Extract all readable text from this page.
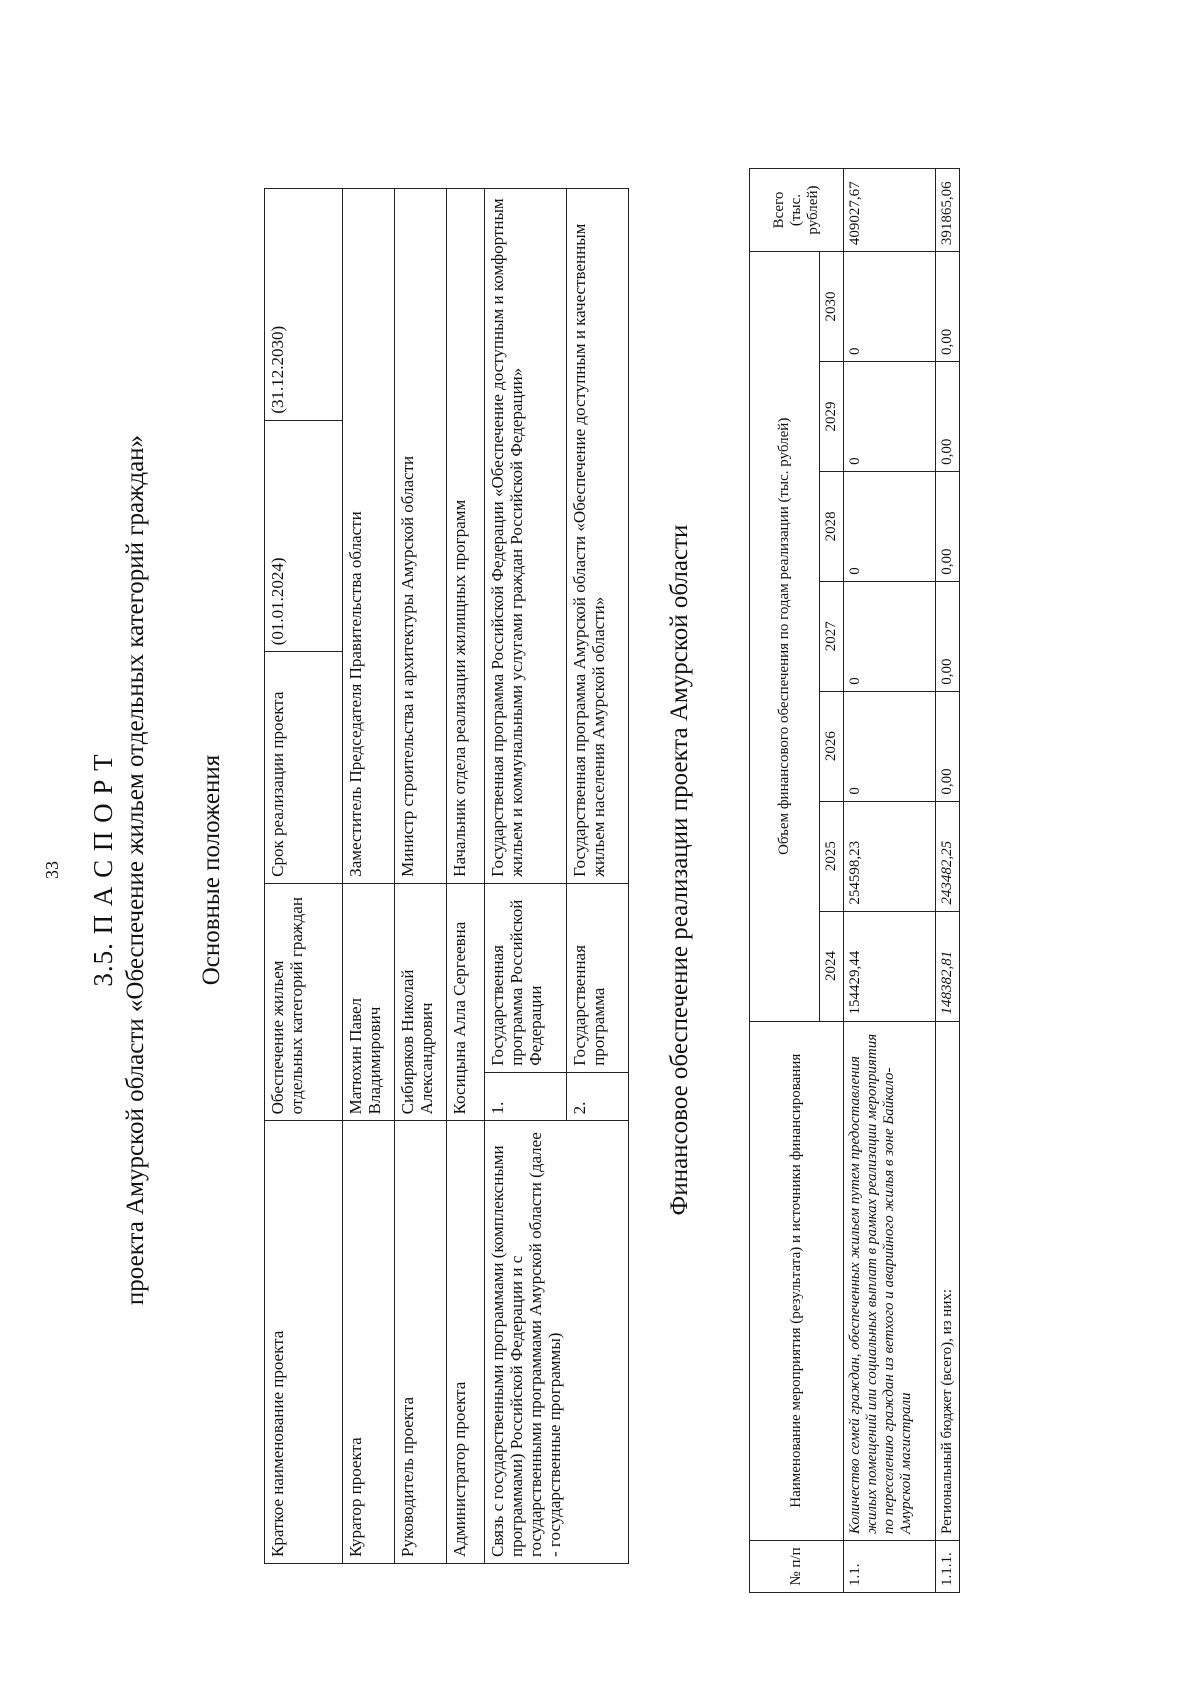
33 3.5. П А С П О Р Т проекта Амурской области «Обеспечение жильем отдельных категорий граждан» Основные положения
Краткое наименование проекта	Обеспечение жильем отдельных категорий граждан		Срок реализации проекта	(01.01.2024)	(31.12.2030)
Куратор проекта	Матюхин Павел Владимирович		Заместитель Председателя Правительства области		
Руководитель проекта	Сибиряков Николай Александрович		Министр строительства и архитектуры Амурской области		
Администратор проекта	Косицына Алла Сергеевна		Начальник отдела реализации жилищных программ		
Связь с государственными программами (комплексными программами) Российской Федерации и с государственными программами Амурской области (далее - государственные программы)	1.	Государственная программа Российской Федерации	Государственная программа Российской Федерации «Обеспечение доступным и комфортным жильем и коммунальными услугами граждан Российской Федерации»		
	2.	Государственная программа	Государственная программа Амурской области «Обеспечение доступным и качественным жильем населения Амурской области»		Финансовое обеспечение реализации проекта Амурской области
№ п/п	Наименование мероприятия (результата) и источники финансирования	Объем финансового обеспечения по годам реализации (тыс. рублей)							Всего (тыс. рублей)
		2024	2025	2026	2027	2028	2029	2030	
1.1.	Количество семей граждан, обеспеченных жильем путем предоставления жилых помещений или социальных выплат в рамках реализации мероприятия по переселению граждан из ветхого и аварийного жилья в зоне Байкало-Амурской магистрали	154429,44	254598,23	0	0	0	0	0	409027,67
1.1.1.	Региональный бюджет (всего), из них:	148382,81	243482,25	0,00	0,00	0,00	0,00	0,00	391865,06
